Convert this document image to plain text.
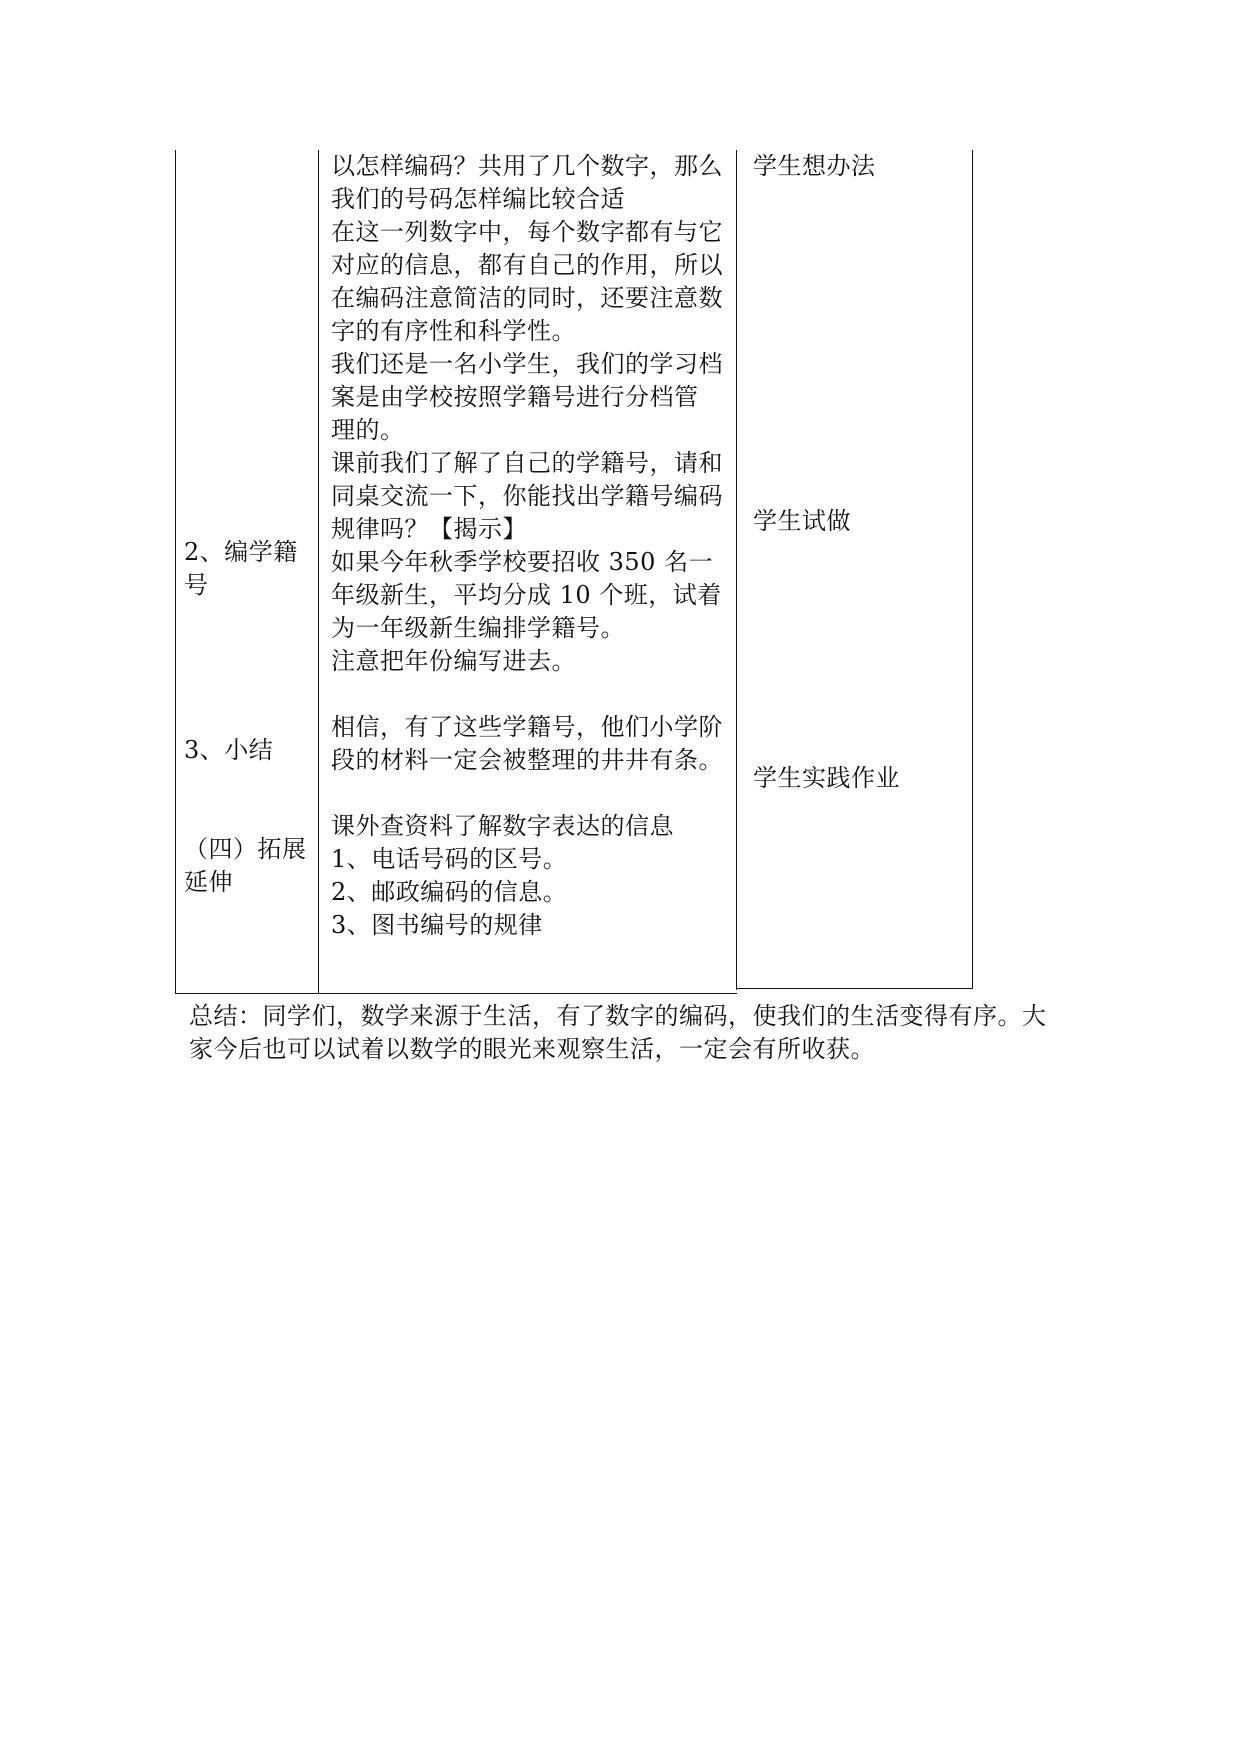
2、编学籍
号
3、小结
（四）拓展
延伸
以怎样编码？共用了几个数字，那么
我们的号码怎样编比较合适
在这一列数字中，每个数字都有与它
对应的信息，都有自己的作用，所以
在编码注意简洁的同时，还要注意数
字的有序性和科学性。
我们还是一名小学生，我们的学习档
案是由学校按照学籍号进行分档管
理的。
课前我们了解了自己的学籍号，请和
同桌交流一下，你能找出学籍号编码
规律吗？【揭示】
如果今年秋季学校要招收 350 名一
年级新生，平均分成 10 个班，试着
为一年级新生编排学籍号。
注意把年份编写进去。
相信，有了这些学籍号，他们小学阶
段的材料一定会被整理的井井有条。
课外查资料了解数字表达的信息
1、电话号码的区号。
2、邮政编码的信息。
3、图书编号的规律
学生想办法
学生试做
学生实践作业
总结：同学们，数学来源于生活，有了数字的编码，使我们的生活变得有序。大
家今后也可以试着以数学的眼光来观察生活，一定会有所收获。
